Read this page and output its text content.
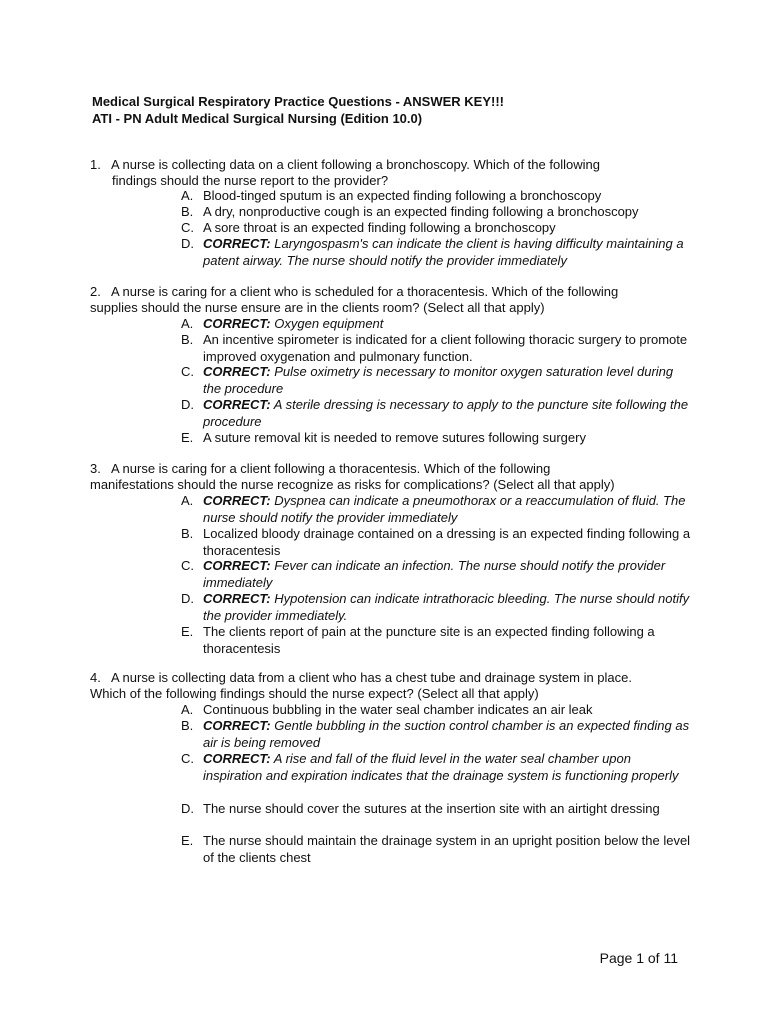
Medical Surgical Respiratory Practice Questions - ANSWER KEY!!!
ATI - PN Adult Medical Surgical Nursing (Edition 10.0)
1. A nurse is collecting data on a client following a bronchoscopy. Which of the following
findings should the nurse report to the provider?
A. Blood-tinged sputum is an expected finding following a bronchoscopy
B. A dry, nonproductive cough is an expected finding following a bronchoscopy
C. A sore throat is an expected finding following a bronchoscopy
D. CORRECT: Laryngospasm's can indicate the client is having difficulty maintaining a patent airway. The nurse should notify the provider immediately
2. A nurse is caring for a client who is scheduled for a thoracentesis. Which of the following
supplies should the nurse ensure are in the clients room? (Select all that apply)
A. CORRECT: Oxygen equipment
B. An incentive spirometer is indicated for a client following thoracic surgery to promote improved oxygenation and pulmonary function.
C. CORRECT: Pulse oximetry is necessary to monitor oxygen saturation level during the procedure
D. CORRECT: A sterile dressing is necessary to apply to the puncture site following the procedure
E. A suture removal kit is needed to remove sutures following surgery
3. A nurse is caring for a client following a thoracentesis. Which of the following
manifestations should the nurse recognize as risks for complications? (Select all that apply)
A. CORRECT: Dyspnea can indicate a pneumothorax or a reaccumulation of fluid. The nurse should notify the provider immediately
B. Localized bloody drainage contained on a dressing is an expected finding following a thoracentesis
C. CORRECT: Fever can indicate an infection. The nurse should notify the provider immediately
D. CORRECT: Hypotension can indicate intrathoracic bleeding. The nurse should notify the provider immediately.
E. The clients report of pain at the puncture site is an expected finding following a thoracentesis
4. A nurse is collecting data from a client who has a chest tube and drainage system in place.
Which of the following findings should the nurse expect? (Select all that apply)
A. Continuous bubbling in the water seal chamber indicates an air leak
B. CORRECT: Gentle bubbling in the suction control chamber is an expected finding as air is being removed
C. CORRECT: A rise and fall of the fluid level in the water seal chamber upon inspiration and expiration indicates that the drainage system is functioning properly
D. The nurse should cover the sutures at the insertion site with an airtight dressing
E. The nurse should maintain the drainage system in an upright position below the level of the clients chest
Page 1 of 11
